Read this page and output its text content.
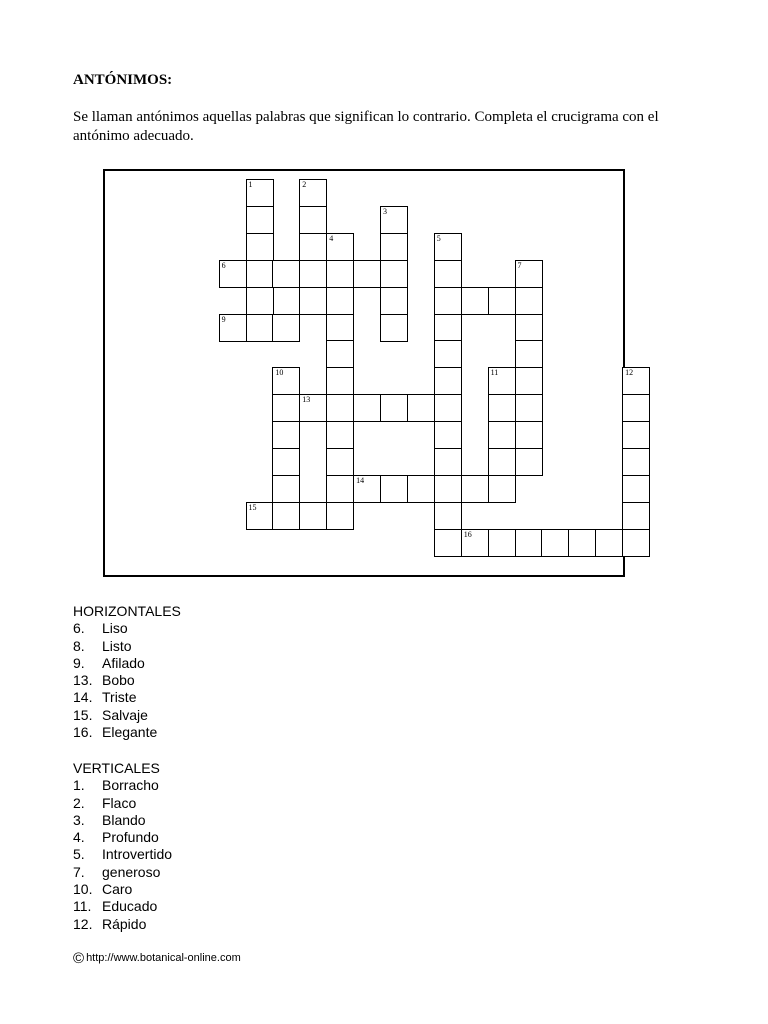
ANTÓNIMOS:

Se llaman antónimos aquellas palabras que significan lo contrario. Completa el crucigrama con el antónimo adecuado.

1	2
3
5
7
6
9
4
10
13
11	12
14
15
16
HORIZONTALES
6.	Liso
8.	Listo
9.	Afilado
13. Bobo
14. Triste
15. Salvaje
16. Elegante
VERTICALES
1.	Borracho
2.	Flaco
3.	Blando
4.	Profundo
5.	Introvertido
7.	generoso
10. Caro
11. Educado
12. Rápido
© http://www.botanical-online.com
